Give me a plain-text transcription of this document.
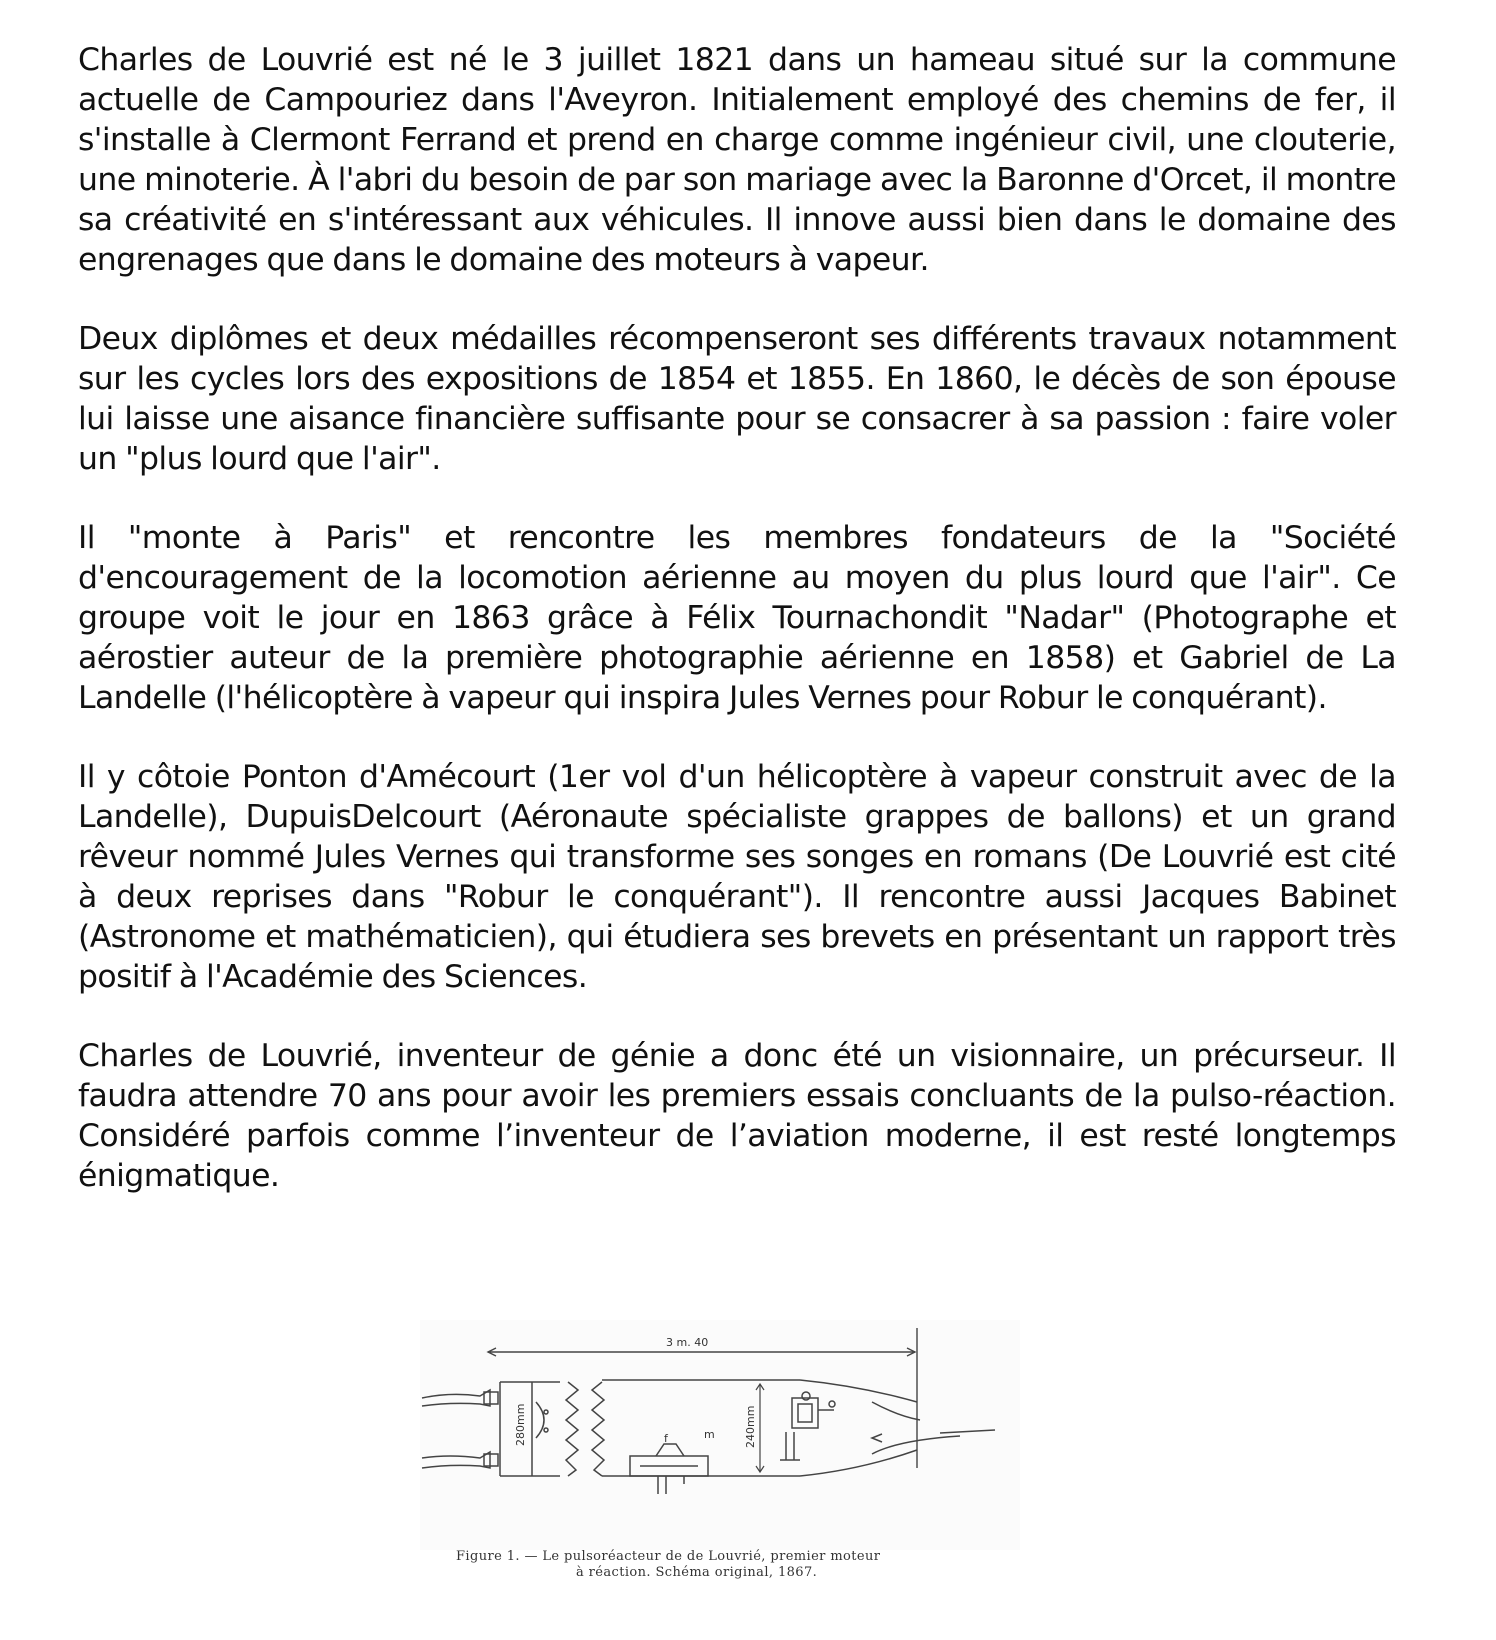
Charles de Louvrié est né le 3 juillet 1821 dans un hameau situé sur la commune actuelle de Campouriez dans l'Aveyron. Initialement employé des chemins de fer, il s'installe à Clermont Ferrand et prend en charge comme ingénieur civil, une clouterie, une minoterie. À l'abri du besoin de par son mariage avec la Baronne d'Orcet, il montre sa créativité en s'intéressant aux véhicules. Il innove aussi bien dans le domaine des engrenages que dans le domaine des moteurs à vapeur.

Deux diplômes et deux médailles récompenseront ses différents travaux notamment sur les cycles lors des expositions de 1854 et 1855. En 1860, le décès de son épouse lui laisse une aisance financière suffisante pour se consacrer à sa passion : faire voler un "plus lourd que l'air".

Il "monte à Paris" et rencontre les membres fondateurs de la "Société d'encouragement de la locomotion aérienne au moyen du plus lourd que l'air". Ce groupe voit le jour en 1863 grâce à Félix Tournachondit "Nadar" (Photographe et aérostier auteur de la première photographie aérienne en 1858) et Gabriel de La Landelle (l'hélicoptère à vapeur qui inspira Jules Vernes pour Robur le conquérant).

Il y côtoie Ponton d'Amécourt (1er vol d'un hélicoptère à vapeur construit avec de la Landelle), DupuisDelcourt (Aéronaute spécialiste grappes de ballons) et un grand rêveur nommé Jules Vernes qui transforme ses songes en romans (De Louvrié est cité à deux reprises dans "Robur le conquérant"). Il rencontre aussi Jacques Babinet (Astronome et mathématicien), qui étudiera ses brevets en présentant un rapport très positif à l'Académie des Sciences.

Charles de Louvrié, inventeur de génie a donc été un visionnaire, un précurseur. Il faudra attendre 70 ans pour avoir les premiers essais concluants de la pulso-réaction. Considéré parfois comme l’inventeur de l’aviation moderne, il est resté longtemps énigmatique.

3 m. 40
280mm	240mm
f	m
Figure 1. — Le pulsoréacteur de de Louvrié, premier moteur
à réaction. Schéma original, 1867.
